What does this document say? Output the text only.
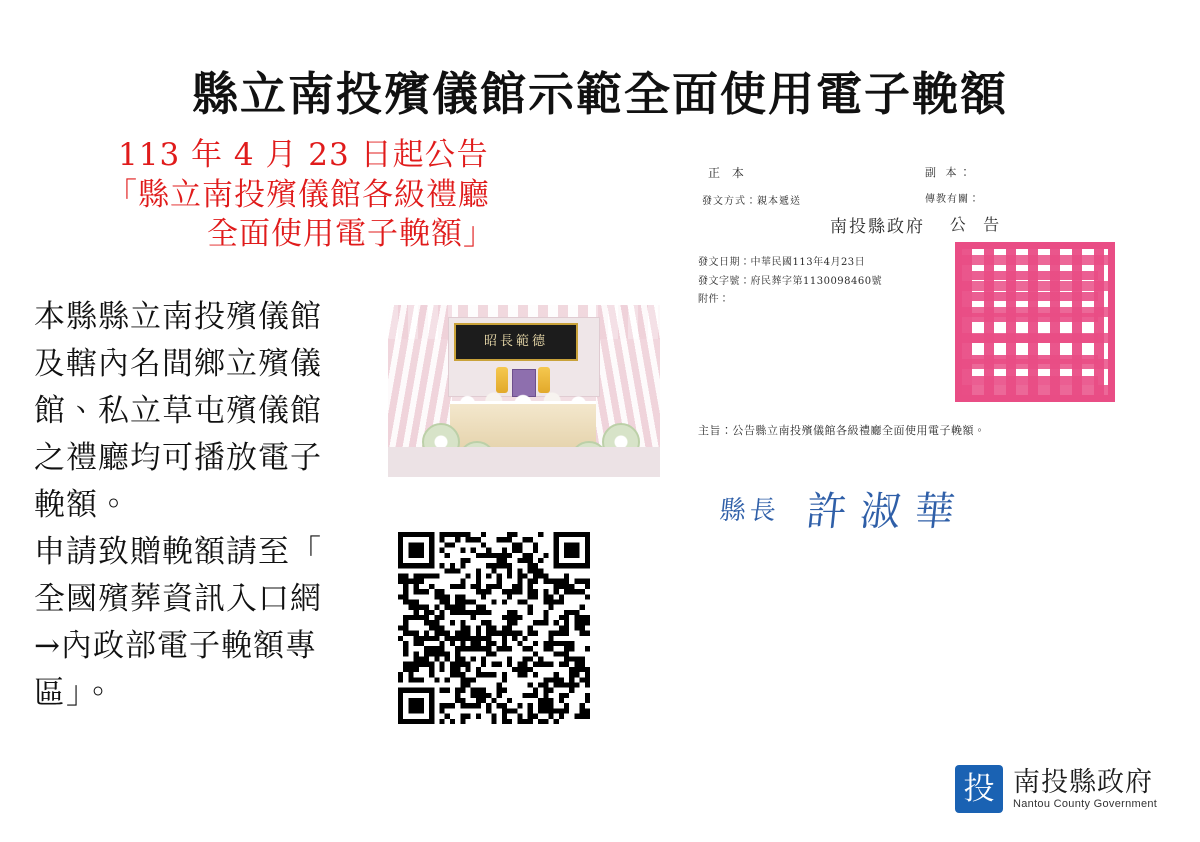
縣立南投殯儀館示範全面使用電子輓額
113 年 4 月 23 日起公告
「縣立南投殯儀館各級禮廳
全面使用電子輓額」

本縣縣立南投殯儀館

及轄內名間鄉立殯儀

館、私立草屯殯儀館

之禮廳均可播放電子

輓額。

申請致贈輓額請至「

全國殯葬資訊入口網

→內政部電子輓額專

區」。

昭長範德
正 本
發文方式：親本遞送
副 本：
傳教有關：
南投縣政府 公 告
發文日期：中華民國113年4月23日
發文字號：府民葬字第1130098460號
附件：
主旨：公告縣立南投殯儀館各級禮廳全面使用電子輓額。
縣長 許淑華
投 南投縣政府
Nantou County Government
